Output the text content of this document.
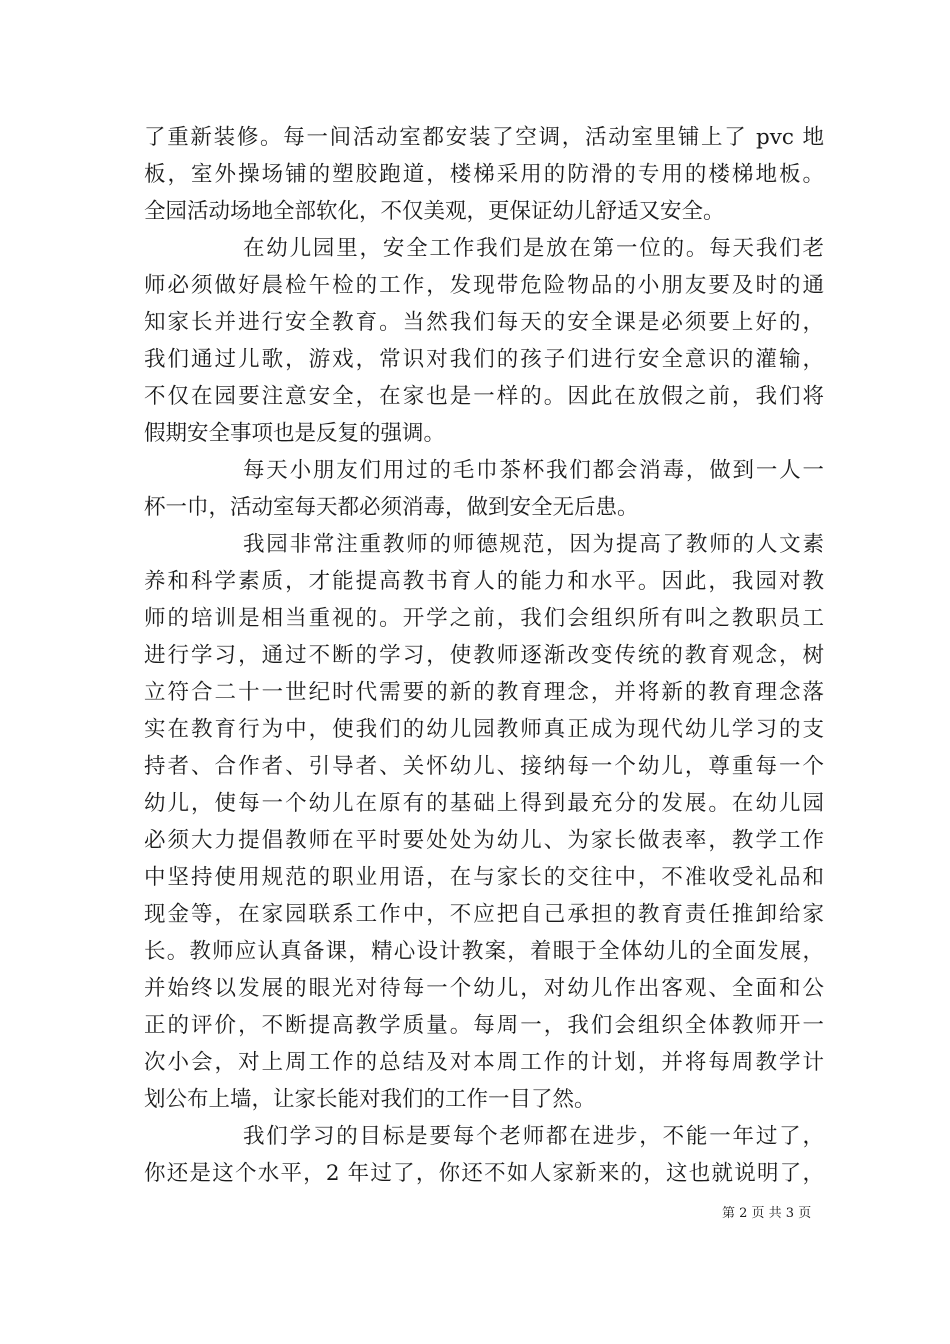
了重新装修。每一间活动室都安装了空调，活动室里铺上了 pvc 地
板，室外操场铺的塑胶跑道，楼梯采用的防滑的专用的楼梯地板。
全园活动场地全部软化，不仅美观，更保证幼儿舒适又安全。
在幼儿园里，安全工作我们是放在第一位的。每天我们老
师必须做好晨检午检的工作，发现带危险物品的小朋友要及时的通
知家长并进行安全教育。当然我们每天的安全课是必须要上好的，
我们通过儿歌，游戏，常识对我们的孩子们进行安全意识的灌输，
不仅在园要注意安全，在家也是一样的。因此在放假之前，我们将
假期安全事项也是反复的强调。
每天小朋友们用过的毛巾茶杯我们都会消毒，做到一人一
杯一巾，活动室每天都必须消毒，做到安全无后患。
我园非常注重教师的师德规范，因为提高了教师的人文素
养和科学素质，才能提高教书育人的能力和水平。因此，我园对教
师的培训是相当重视的。开学之前，我们会组织所有叫之教职员工
进行学习，通过不断的学习，使教师逐渐改变传统的教育观念，树
立符合二十一世纪时代需要的新的教育理念，并将新的教育理念落
实在教育行为中，使我们的幼儿园教师真正成为现代幼儿学习的支
持者、合作者、引导者、关怀幼儿、接纳每一个幼儿，尊重每一个
幼儿，使每一个幼儿在原有的基础上得到最充分的发展。在幼儿园
必须大力提倡教师在平时要处处为幼儿、为家长做表率，教学工作
中坚持使用规范的职业用语，在与家长的交往中，不准收受礼品和
现金等，在家园联系工作中，不应把自己承担的教育责任推卸给家
长。教师应认真备课，精心设计教案，着眼于全体幼儿的全面发展，
并始终以发展的眼光对待每一个幼儿，对幼儿作出客观、全面和公
正的评价，不断提高教学质量。每周一，我们会组织全体教师开一
次小会，对上周工作的总结及对本周工作的计划，并将每周教学计
划公布上墙，让家长能对我们的工作一目了然。
我们学习的目标是要每个老师都在进步，不能一年过了，
你还是这个水平，2 年过了，你还不如人家新来的，这也就说明了，
第 2 页 共 3 页
